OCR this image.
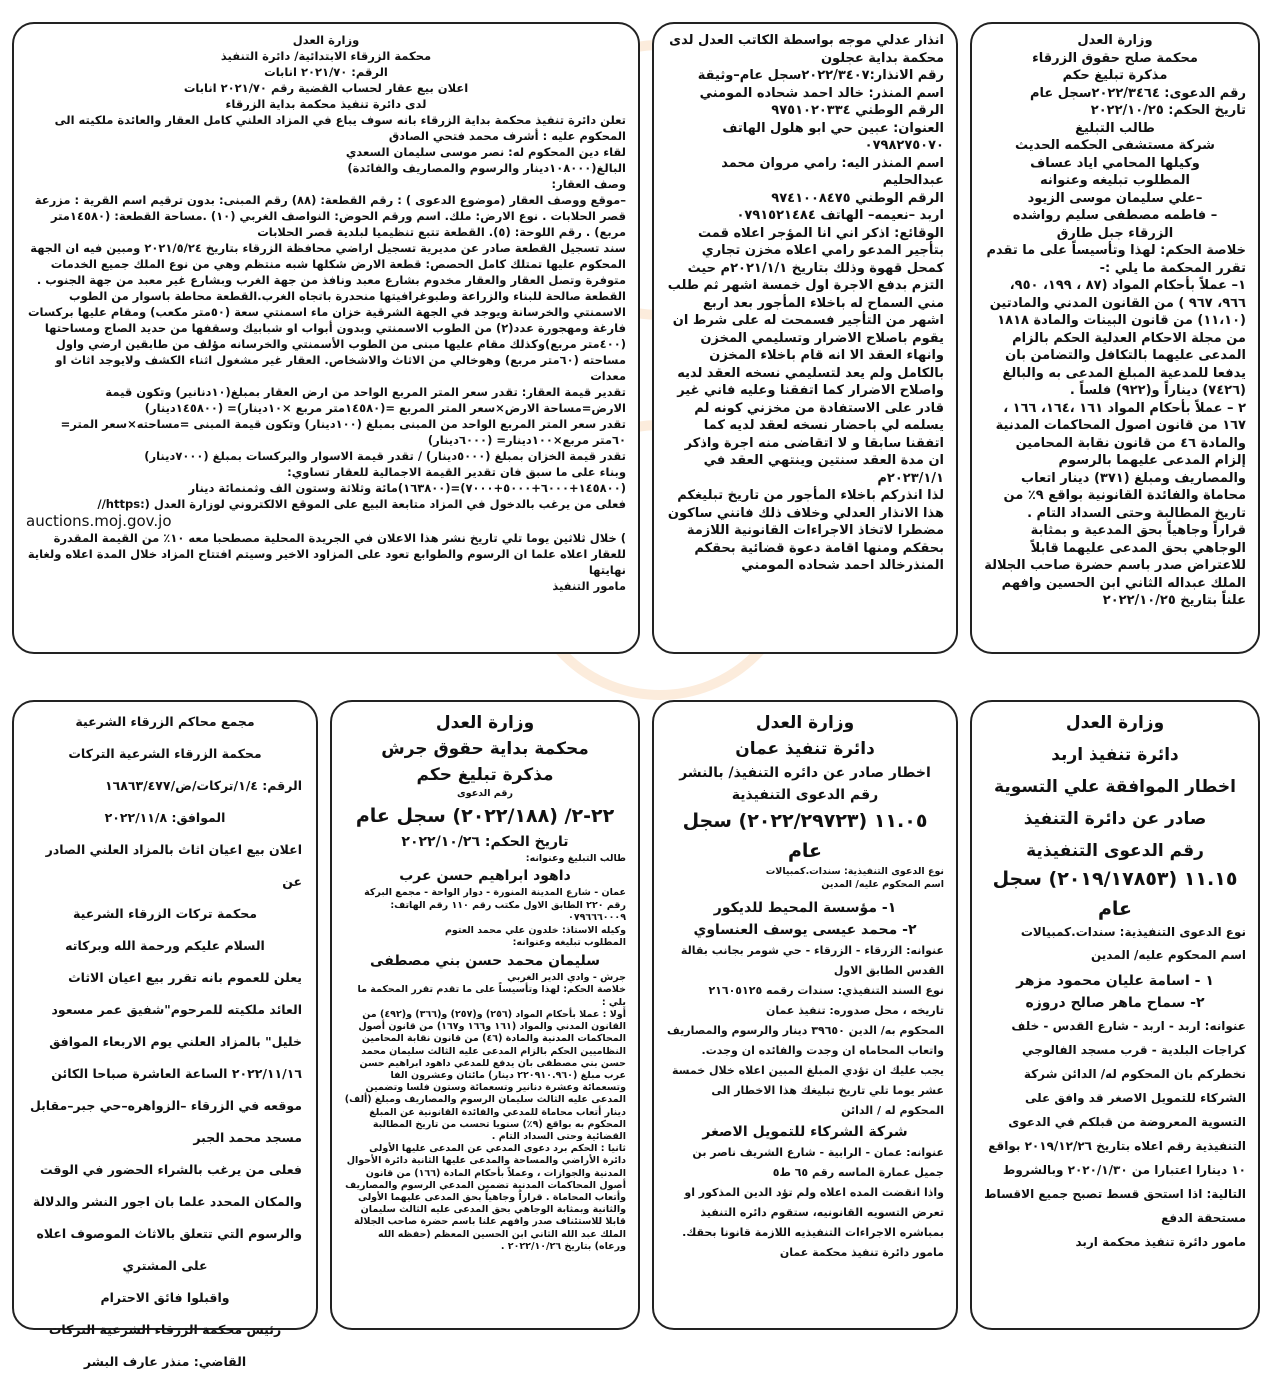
وزارة العدل

محكمة صلح حقوق الزرقاء

مذكرة تبليغ حكم

رقم الدعوى: ٢٠٢٢/٣٤٦٤سجل عام

تاريخ الحكم: ٢٠٢٢/١٠/٢٥

طالب التبليغ

شركة مستشفى الحكمه الحديث

وكيلها المحامي اياد عساف

المطلوب تبليغه وعنوانه

–علي سليمان موسى الزيود

– فاطمه مصطفى سليم رواشده

الزرقاء جبل طارق

خلاصة الحكم: لهذا وتأسيساً على ما تقدم تقرر المحكمة ما يلي :-

١– عملاً بأحكام المواد (٨٧ ، ١٩٩، ٩٥٠، ٩٦٦، ٩٦٧ ) من القانون المدني والمادتين (١١،١٠) من قانون البينات والمادة ١٨١٨ من مجلة الاحكام العدلية الحكم بالزام المدعى عليهما بالتكافل والتضامن بان يدفعا للمدعية المبلغ المدعى به والبالغ (٧٤٢٦) ديناراً و(٩٢٢) فلساً .

٢ – عملاً بأحكام المواد ١٦١ ،١٦٤، ١٦٦ ، ١٦٧ من قانون اصول المحاكمات المدنية والمادة ٤٦ من قانون نقابة المحامين إلزام المدعى عليهما بالرسوم والمصاريف ومبلغ (٣٧١) دينار اتعاب محاماة والفائدة القانونية بواقع ٩٪ من تاريخ المطالبة وحتى السداد التام .

قراراً وجاهياً بحق المدعية و بمثابة الوجاهي بحق المدعى عليهما قابلاً للاعتراض صدر باسم حضرة صاحب الجلالة الملك عبداله الثاني ابن الحسين وافهم علناً بتاريخ ٢٠٢٢/١٠/٢٥

انذار عدلي موجه بواسطة الكاتب العدل لدى محكمة بداية عجلون

رقم الانذار:٢٠٢٢/٣٤٠٧سجل عام–وثيقة

اسم المنذر: خالد احمد شحاده المومني

الرقم الوطني ٩٧٥١٠٢٠٣٣٤

العنوان: عبين حي ابو هلول الهاتف ٠٧٩٨٢٧٥٠٧٠

اسم المنذر اليه: رامي مروان محمد عبدالحليم

الرقم الوطني ٩٧٤١٠٠٨٤٧٥

اربد –نعيمه– الهاتف ٠٧٩١٥٢١٤٨٤

الوقائع: اذكر اني انا المؤجر اعلاه قمت بتأجير المدعو رامي اعلاه مخزن تجاري كمحل قهوة وذلك بتاريخ ٢٠٢١/١/١م حيث التزم بدفع الاجرة اول خمسة اشهر ثم طلب مني السماح له باخلاء المأجور بعد اربع اشهر من التأجير فسمحت له على شرط ان يقوم باصلاح الاضرار وتسليمي المخزن وانهاء العقد الا انه قام باخلاء المخزن بالكامل ولم يعد لتسليمي نسخه العقد لديه واصلاح الاضرار كما اتفقنا وعليه فاني غير قادر على الاستفادة من مخزني كونه لم يسلمه لي باحضار نسخه لعقد لديه كما اتفقنا سابقا و لا اتقاضى منه اجرة واذكر ان مدة العقد سنتين وينتهي العقد في ٢٠٢٣/١/١م

لذا انذركم باخلاء المأجور من تاريخ تبليغكم هذا الانذار العدلي وخلاف ذلك فانني ساكون مضطرا لاتخاذ الاجراءات القانونية اللازمة بحقكم ومنها اقامة دعوة قضائية بحقكم

المنذرخالد احمد شحاده المومني

وزارة العدل

محكمة الزرقاء الابتدائية/ دائرة التنفيذ

الرقم: ٢٠٢١/٧٠ انابات

اعلان بيع عقار لحساب القضية رقم ٢٠٢١/٧٠ انابات

لدى دائرة تنفيذ محكمة بداية الزرقاء

تعلن دائرة تنفيذ محكمة بداية الزرقاء بانه سوف يباع في المزاد العلني كامل العقار والعائدة ملكيته الى

المحكوم عليه : أشرف محمد فتحي الصادق

لقاء دين المحكوم له: نصر موسى سليمان السعدي

البالغ(١٠٨٠٠٠دينار والرسوم والمصاريف والفائدة)

وصف العقار:

–موقع ووصف العقار (موضوع الدعوى ) : رقم القطعة: (٨٨) رقم المبنى: بدون ترقيم اسم القرية : مزرعة قصر الحلابات . نوع الارض: ملك. اسم ورقم الحوض: النواصف الغربي (١٠) .مساحة القطعة: (١٤٥٨٠متر مربع) . رقم اللوحة: (٥). القطعة تتبع تنظيميا لبلدية قصر الحلابات

سند تسجيل القطعة صادر عن مديرية تسجيل اراضي محافظة الزرقاء بتاريخ ٢٠٢١/٥/٢٤ ومبين فيه ان الجهة المحكوم عليها تمتلك كامل الحصص: قطعة الارض شكلها شبه منتظم وهي من نوع الملك جميع الخدمات متوفرة وتصل العقار والعقار مخدوم بشارع معبد ونافذ من جهة الغرب وبشارع غير معبد من جهة الجنوب . القطعة صالحة للبناء والزراعة وطبوغرافيتها منحدرة باتجاه الغرب.القطعة محاطة باسوار من الطوب الاسمنتي والخرسانة ويوجد في الجهة الشرقية خزان ماء اسمنتي سعة (٥٠متر مكعب) ومقام عليها بركسات فارغة ومهجورة عدد(٢) من الطوب الاسمنتي وبدون أبواب او شبابيك وسقفها من حديد الصاج ومساحتها (٤٠٠متر مربع)وكذلك مقام عليها مبنى من الطوب الأسمنتي والخرسانه مؤلف من طابقين ارضي واول مساحته (٦٠متر مربع) وهوخالي من الاثاث والاشخاص. العقار غير مشغول اثناء الكشف ولايوجد اثاث او معدات

تقدير قيمة العقار: تقدر سعر المتر المربع الواحد من ارض العقار بمبلغ(١٠دنانير) وتكون قيمة الارض=مساحة الارض×سعر المتر المربع =(١٤٥٨٠متر مربع ×١٠دينار)= (١٤٥٨٠٠دينار)

تقدر سعر المتر المربع الواحد من المبنى بمبلغ (١٠٠دينار) وتكون قيمة المبنى =مساحته×سعر المتر= ٦٠متر مربع×١٠٠دينار= (٦٠٠٠دينار)

تقدر قيمة الخزان بمبلغ (٥٠٠٠دينار) / تقدر قيمة الاسوار والبركسات بمبلغ (٧٠٠٠دينار)

وبناء على ما سبق فان تقدير القيمة الاجمالية للعقار تساوي:

(١٤٥٨٠٠+٦٠٠٠+٥٠٠٠+٧٠٠٠)=(١٦٣٨٠٠)مائة وثلاثة وستون الف وثمنمائة دينار

فعلى من يرغب بالدخول في المزاد متابعة البيع على الموقع الالكتروني لوزارة العدل (:https//

auctions.moj.gov.jo

) خلال ثلاثين يوما تلي تاريخ نشر هذا الاعلان في الجريدة المحلية مصطحبا معه ١٠٪ من القيمة المقدرة للعقار اعلاه علما ان الرسوم والطوابع تعود على المزاود الاخير وسيتم افتتاح المزاد خلال المدة اعلاه ولغاية نهايتها

مامور التنفيذ

وزارة العدل

دائرة تنفيذ اربد

اخطار الموافقة علي التسوية

صادر عن دائرة التنفيذ

رقم الدعوى التنفيذية

١١.١٥ (٢٠١٩/١٧٨٥٣) سجل عام

نوع الدعوى التنفيذية: سندات.كمبيالات

اسم المحكوم عليه/ المدين

١ - اسامة عليان محمود مزهر

٢- سماح ماهر صالح دروزه

عنوانه: اربد - اربد - شارع القدس - خلف كراجات البلدية - قرب مسجد الفالوجي

نخطركم بان المحكوم له/ الدائن شركة الشركاء للتمويل الاصغر قد وافق على التسوية المعروضة من قبلكم في الدعوى التنفيذية رقم اعلاه بتاريخ ٢٠١٩/١٢/٢٦ بواقع ١٠ دينارا اعتبارا من ٢٠٢٠/١/٣٠ وبالشروط التالية: اذا استحق قسط تصبح جميع الاقساط مستحقة الدفع

مامور دائرة تنفيذ محكمة اربد

وزارة العدل

دائرة تنفيذ عمان

اخطار صادر عن دائره التنفيذ/ بالنشر

رقم الدعوى التنفيذية

١١.٠٥ (٢٠٢٢/٢٩٧٢٣) سجل عام

نوع الدعوى التنفيذية: سندات.كمبيالات

اسم المحكوم عليه/ المدين

١- مؤسسة المحيط للديكور

٢- محمد عيسى يوسف العنساوي

عنوانه: الزرقاء - الزرقاء - حي شومر بجانب بقالة القدس الطابق الاول

نوع السند التنفيذي: سندات رقمه ٢١٦٠٥١٢٥

تاريخه ، محل صدوره: تنفيذ عمان

المحكوم به/ الدين ٣٩٦٥٠ دينار والرسوم والمصاريف واتعاب المحاماه ان وجدت والفائده ان وجدت.

يجب عليك ان تؤدي المبلغ المبين اعلاه خلال خمسة عشر يوما تلي تاريخ تبليغك هذا الاخطار الى المحكوم له / الدائن

شركة الشركاء للتمويل الاصغر

عنوانه: عمان - الرابية - شارع الشريف ناصر بن جميل عمارة الماسه رقم ٦٥ ط٥

واذا انقضت المده اعلاه ولم تؤد الدين المذكور او تعرض التسويه القانونيه، ستقوم دائره التنفيذ بمباشره الاجراءات التنفيذيه اللازمة قانونا بحقك.

مامور دائرة تنفيذ محكمة عمان

وزارة العدل

محكمة بداية حقوق جرش

مذكرة تبليغ حكم

رقم الدعوى

٢٢-٢/ (٢٠٢٢/١٨٨) سجل عام

تاريخ الحكم: ٢٠٢٢/١٠/٢٦

طالب التبليغ وعنوانه:

داهود ابراهيم حسن عرب

عمان - شارع المدينة المنورة - دوار الواحة - مجمع البركة رقم ٢٢٠ الطابق الاول مكتب رقم ١١٠ رقم الهاتف: ٠٧٩٦٦٦٠٠٠٩

وكيله الاستاذ: خلدون علي محمد العتوم

المطلوب تبليغه وعنوانه:

سليمان محمد حسن بني مصطفى

جرش - وادي الدير الغربي

خلاصة الحكم: لهذا وتأسيساً على ما تقدم تقرر المحكمة ما يلي :

أولا : عملا بأحكام المواد (٢٥٦) و(٢٥٧) و(٣٦٦) و(٤٩٢) من القانون المدني والمواد (١٦١ و١٦٦ و١٦٧) من قانون أصول المحاكمات المدنية والمادة (٤٦) من قانون نقابة المحامين النظاميين الحكم بالزام المدعى عليه الثالث سليمان محمد حسن بني مصطفى بان يدفع للمدعي داهود ابراهيم حسن عرب مبلغ (٢٢٠٩١٠.٩٦٠ دينار) مائتان وعشرون الفا وتسعمائة وعشرة دنانير وتسعمائة وستون فلسا وتضمين المدعى عليه الثالث سليمان الرسوم والمصاريف ومبلغ (ألف) دينار أتعاب محاماة للمدعي والفائدة القانونية عن المبلغ المحكوم به بواقع (٩٪) سنويا تحسب من تاريخ المطالبة القضائية وحتى السداد التام .

ثانيا : الحكم برد دعوى المدعي عن المدعى عليها الأولى دائرة الأراضي والمساحة والمدعى عليها الثانية دائرة الأحوال المدنية والجوازات ، وعملاً بأحكام المادة (١٦٦) من قانون أصول المحاكمات المدنية تضمين المدعي الرسوم والمصاريف وأتعاب المحاماة . قراراً وجاهياً بحق المدعى عليهما الأولى والثانية وبمثابة الوجاهي بحق المدعى عليه الثالث سليمان قابلا للاستئناف صدر وافهم علنا باسم حضرة صاحب الجلالة الملك عبد الله الثاني ابن الحسين المعظم (حفظه الله ورعاه) بتاريخ ٢٠٢٢/١٠/٢٦ .

مجمع محاكم الزرقاء الشرعية

محكمة الزرقاء الشرعية التركات

الرقم: ١/٤/تركات/ض/١٦٨٦٣/٤٧٧

الموافق: ٢٠٢٢/١١/٨

اعلان بيع اعيان اثاث بالمزاد العلني الصادر عن

محكمة تركات الزرقاء الشرعية

السلام عليكم ورحمة الله وبركاته

يعلن للعموم بانه تقرر بيع اعيان الاثاث

العائد ملكيته للمرحوم"شفيق عمر مسعود

خليل" بالمزاد العلني يوم الاربعاء الموافق

٢٠٢٢/١١/١٦ الساعة العاشرة صباحا الكائن

موقعه في الزرقاء –الزواهره–حي جبر–مقابل

مسجد محمد الجبر

فعلى من يرغب بالشراء الحضور في الوقت

والمكان المحدد علما بان اجور النشر والدلالة

والرسوم التي تتعلق بالاثاث الموصوف اعلاه

على المشتري

واقبلوا فائق الاحترام

رئيس محكمة الزرقاء الشرعية التركات

القاضي: منذر عارف البشر
